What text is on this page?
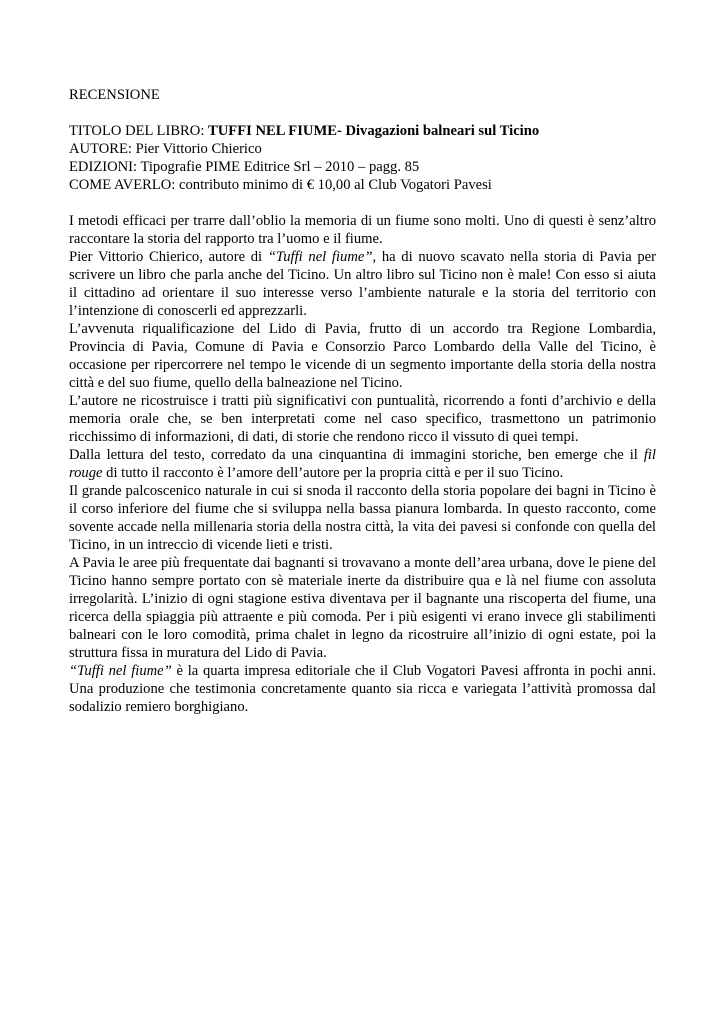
RECENSIONE
TITOLO DEL LIBRO: TUFFI NEL FIUME- Divagazioni balneari sul Ticino
AUTORE: Pier Vittorio Chierico
EDIZIONI: Tipografie PIME Editrice Srl – 2010 – pagg. 85
COME AVERLO: contributo minimo di € 10,00 al Club Vogatori Pavesi

I metodi efficaci per trarre dall’oblio la memoria di un fiume sono molti. Uno di questi è senz’altro raccontare la storia del rapporto tra l’uomo e il fiume.

Pier Vittorio Chierico, autore di “Tuffi nel fiume”, ha di nuovo scavato nella storia di Pavia per scrivere un libro che parla anche del Ticino. Un altro libro sul Ticino non è male! Con esso si aiuta il cittadino ad orientare il suo interesse verso l’ambiente naturale e la storia del territorio con l’intenzione di conoscerli ed apprezzarli.

L’avvenuta riqualificazione del Lido di Pavia, frutto di un accordo tra Regione Lombardia, Provincia di Pavia, Comune di Pavia e Consorzio Parco Lombardo della Valle del Ticino, è occasione per ripercorrere nel tempo le vicende di un segmento importante della storia della nostra città e del suo fiume, quello della balneazione nel Ticino.

L’autore ne ricostruisce i tratti più significativi con puntualità, ricorrendo a fonti d’archivio e della memoria orale che, se ben interpretati come nel caso specifico, trasmettono un patrimonio ricchissimo di informazioni, di dati, di storie che rendono ricco il vissuto di quei tempi.

Dalla lettura del testo, corredato da una cinquantina di immagini storiche, ben emerge che il fil rouge di tutto il racconto è l’amore dell’autore per la propria città e per il suo Ticino.

Il grande palcoscenico naturale in cui si snoda il racconto della storia popolare dei bagni in Ticino è il corso inferiore del fiume che si sviluppa nella bassa pianura lombarda. In questo racconto, come sovente accade nella millenaria storia della nostra città, la vita dei pavesi si confonde con quella del Ticino, in un intreccio di vicende lieti e tristi.

A Pavia le aree più frequentate dai bagnanti si trovavano a monte dell’area urbana, dove le piene del Ticino hanno sempre portato con sè materiale inerte da distribuire qua e là nel fiume con assoluta irregolarità. L’inizio di ogni stagione estiva diventava per il bagnante una riscoperta del fiume, una ricerca della spiaggia più attraente e più comoda. Per i più esigenti vi erano invece gli stabilimenti balneari con le loro comodità, prima chalet in legno da ricostruire all’inizio di ogni estate, poi la struttura fissa in muratura del Lido di Pavia.

“Tuffi nel fiume” è la quarta impresa editoriale che il Club Vogatori Pavesi affronta in pochi anni. Una produzione che testimonia concretamente quanto sia ricca e variegata l’attività promossa dal sodalizio remiero borghigiano.
